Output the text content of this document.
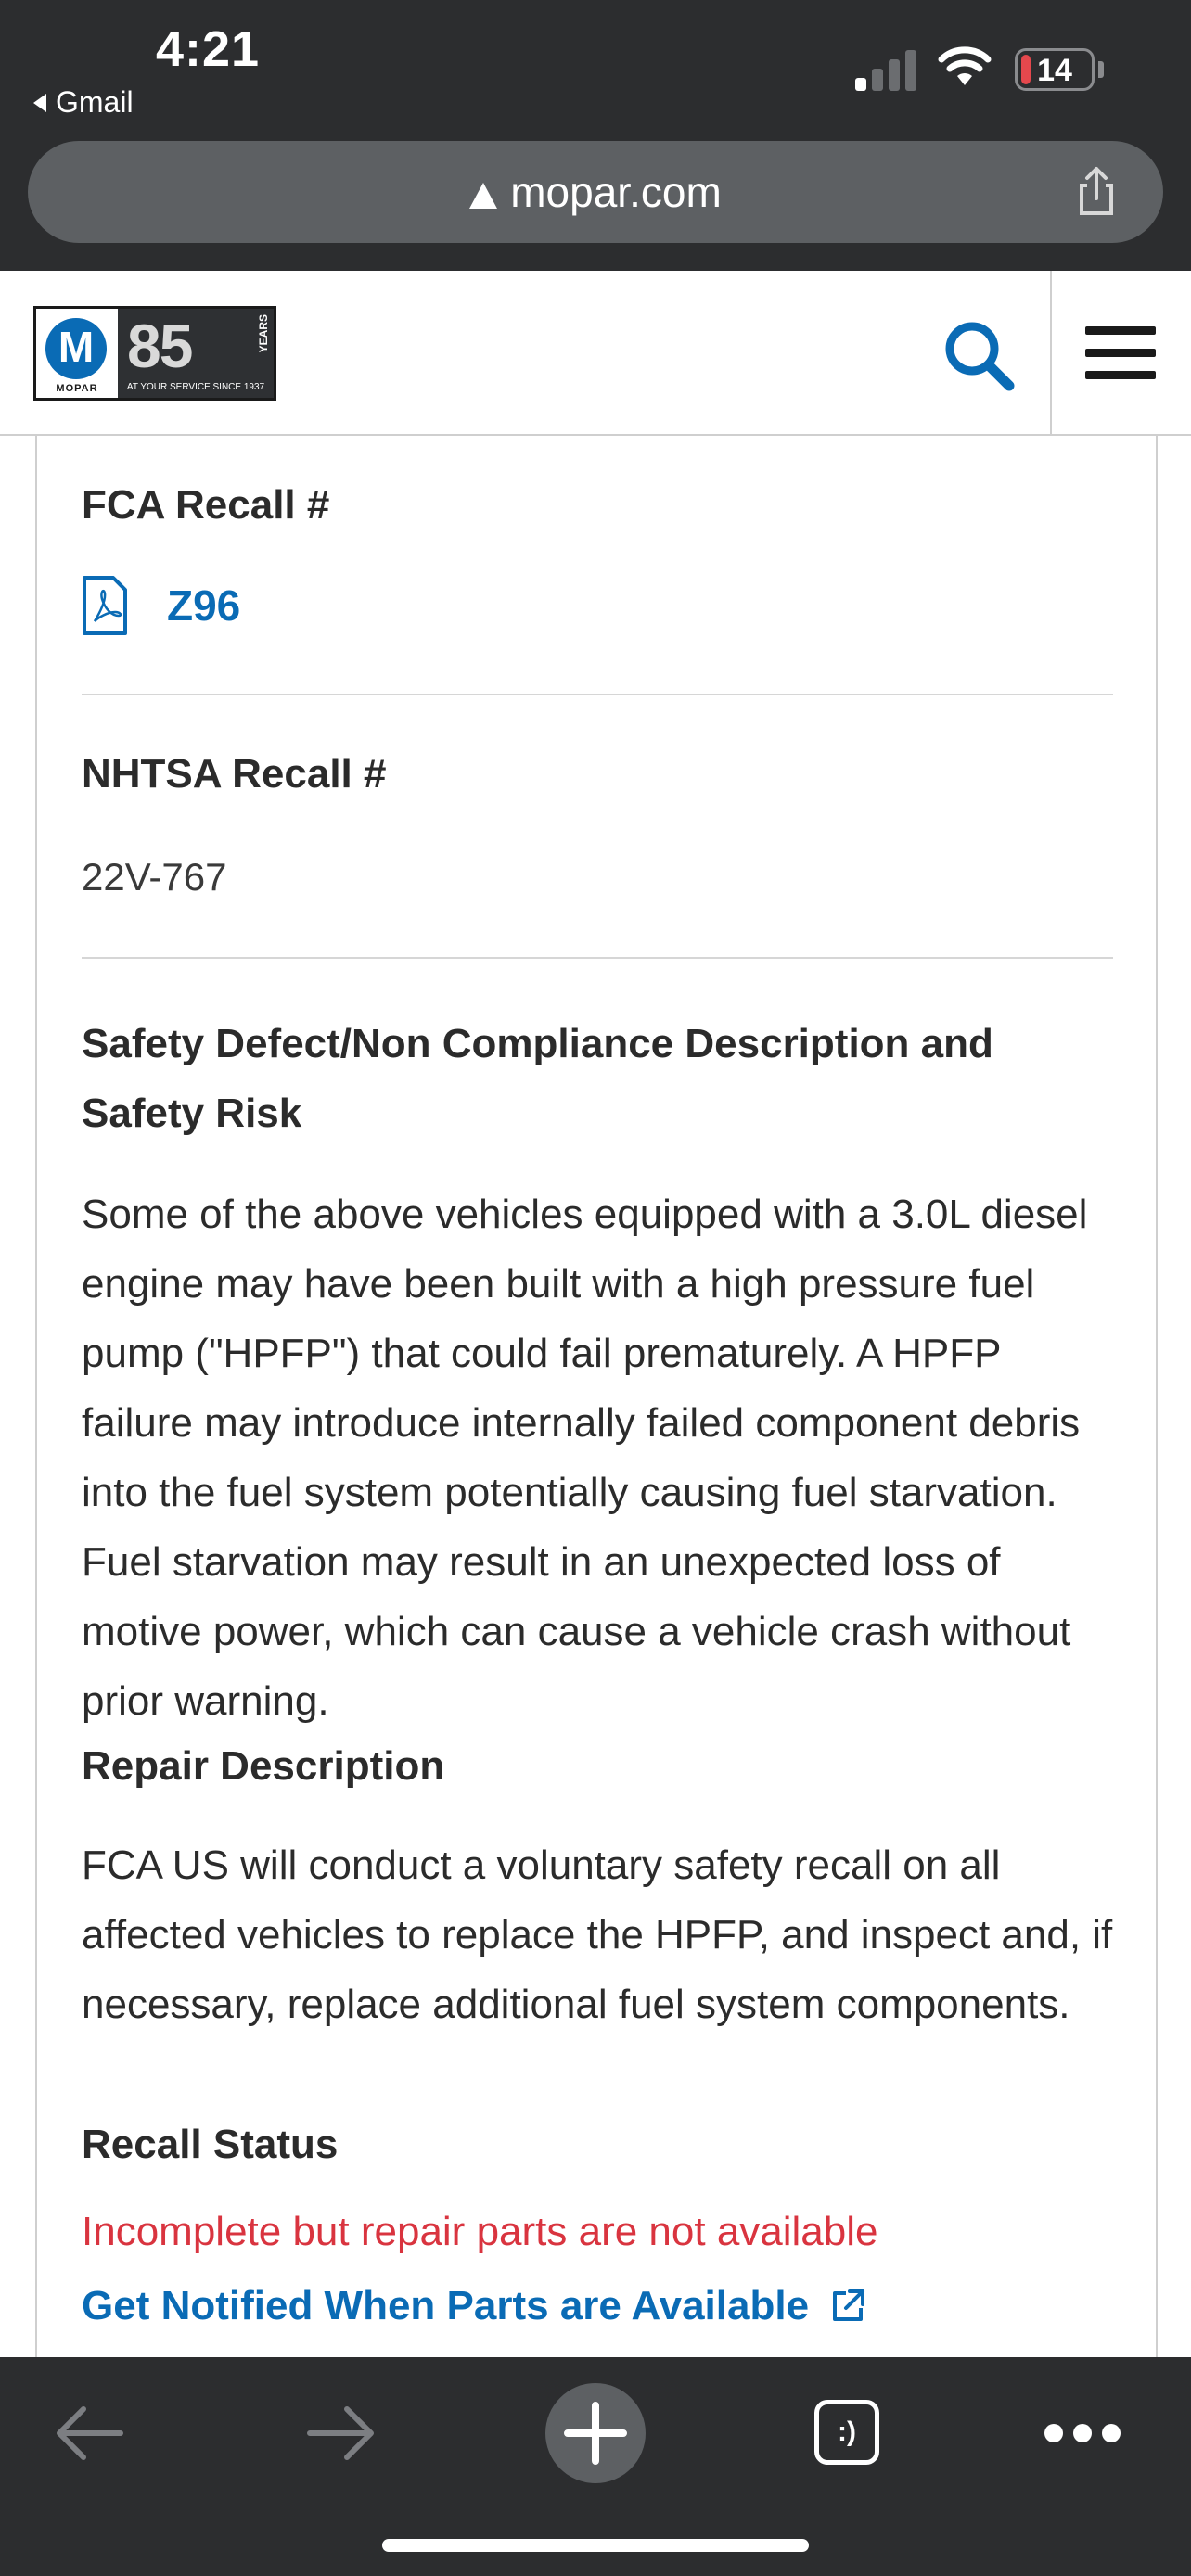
4:21
Gmail
14
mopar.com
M
MOPAR
85	YEARS
AT YOUR SERVICE SINCE 1937
FCA Recall #
Z96
NHTSA Recall #
22V-767
Safety Defect/Non Compliance Description and Safety Risk
Some of the above vehicles equipped with a 3.0L diesel engine may have been built with a high pressure fuel pump ("HPFP") that could fail prematurely. A HPFP failure may introduce internally failed component debris into the fuel system potentially causing fuel starvation. Fuel starvation may result in an unexpected loss of motive power, which can cause a vehicle crash without prior warning.
Repair Description
FCA US will conduct a voluntary safety recall on all affected vehicles to replace the HPFP, and inspect and, if necessary, replace additional fuel system components.
Recall Status
Incomplete but repair parts are not available
Get Notified When Parts are Available
:)
